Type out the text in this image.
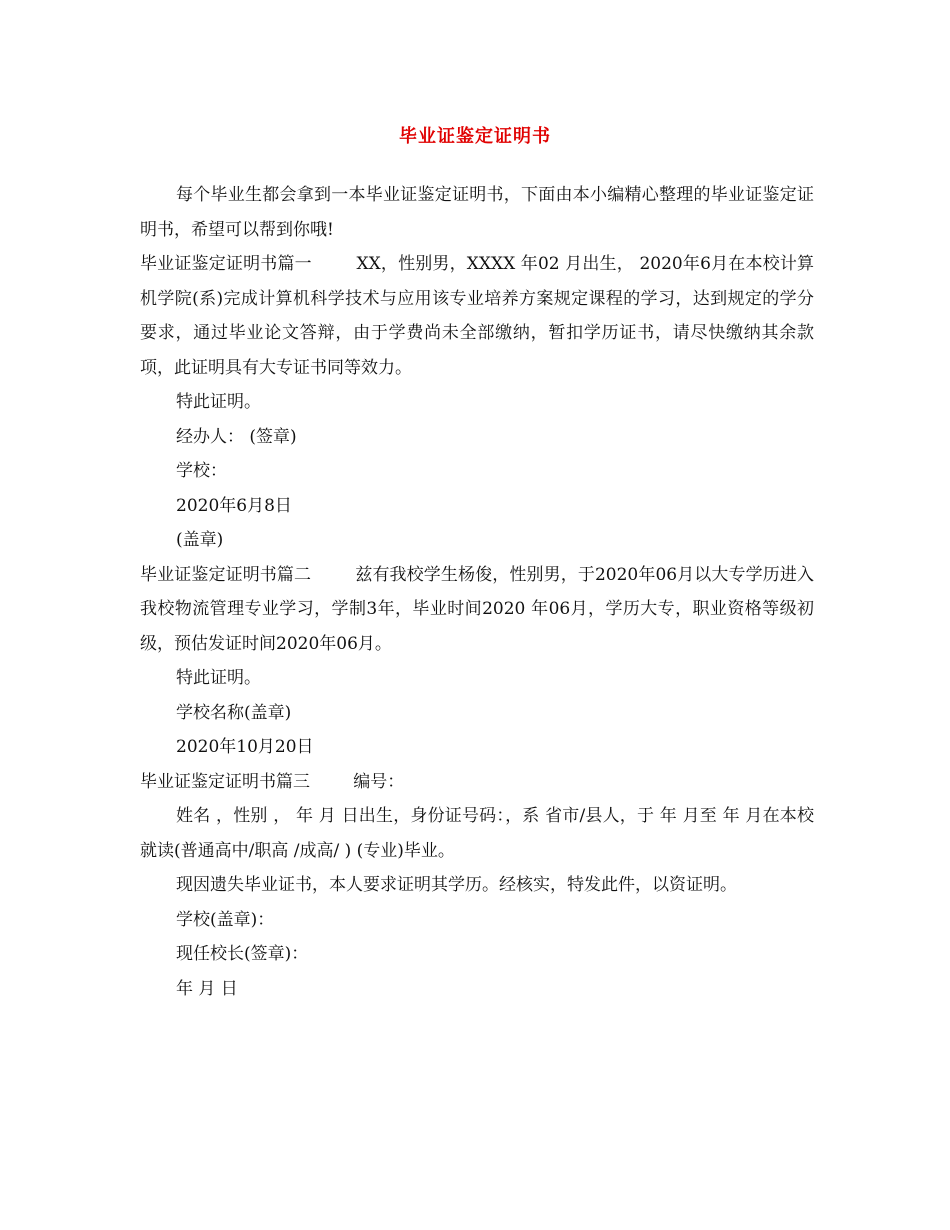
毕业证鉴定证明书

每个毕业生都会拿到一本毕业证鉴定证明书，下面由本小编精心整理的毕业证鉴定证明书，希望可以帮到你哦!

毕业证鉴定证明书篇一	XX，性别男，XXXX 年02 月出生， 2020年6月在本校计算机学院(系)完成计算机科学技术与应用该专业培养方案规定课程的学习，达到规定的学分要求，通过毕业论文答辩，由于学费尚未全部缴纳，暂扣学历证书，请尽快缴纳其余款项，此证明具有大专证书同等效力。

特此证明。

经办人： (签章)

学校：

2020年6月8日

(盖章)

毕业证鉴定证明书篇二	兹有我校学生杨俊，性别男，于2020年06月以大专学历进入我校物流管理专业学习，学制3年，毕业时间2020 年06月，学历大专，职业资格等级初级，预估发证时间2020年06月。

特此证明。

学校名称(盖章)

2020年10月20日

毕业证鉴定证明书篇三	编号：

姓名 ，性别 ， 年 月 日出生，身份证号码：，系 省市/县人，于 年 月至 年 月在本校就读(普通高中/职高 /成高/ ) (专业)毕业。

现因遗失毕业证书，本人要求证明其学历。经核实，特发此件，以资证明。

学校(盖章)：

现任校长(签章)：

年 月 日
